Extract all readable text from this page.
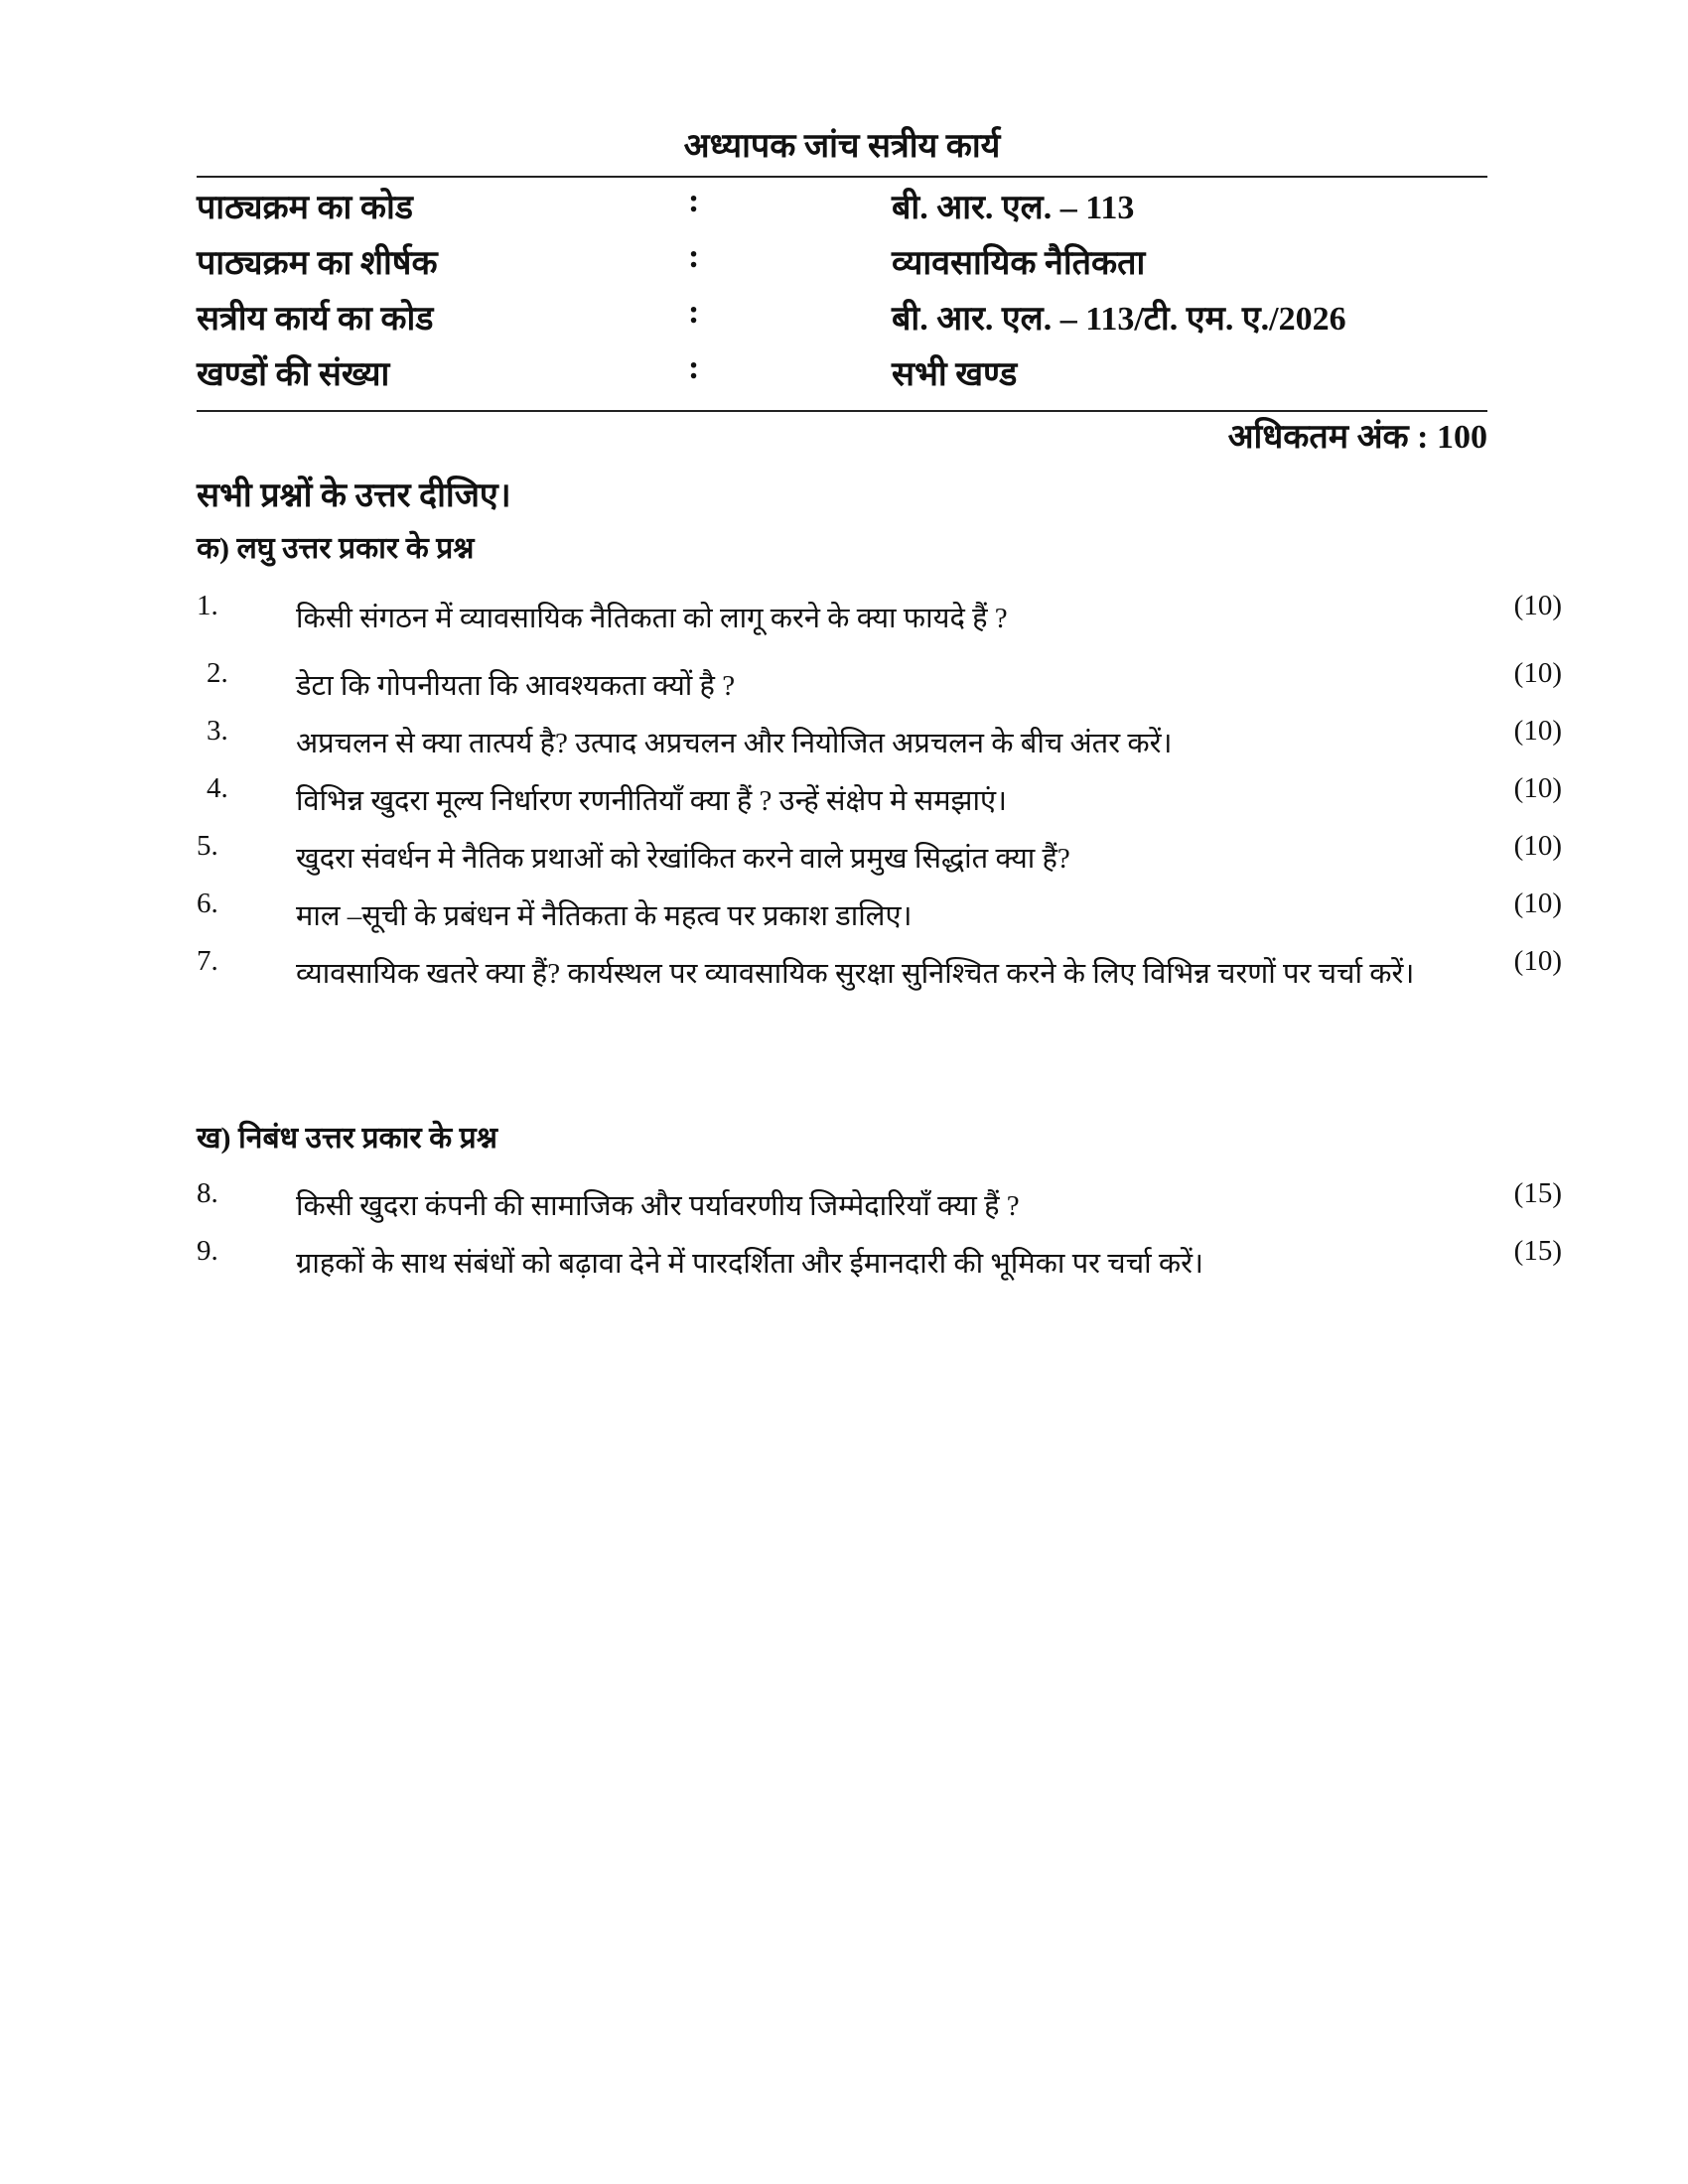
अध्यापक जांच सत्रीय कार्य
पाठ्यक्रम का कोड	:	बी. आर. एल. – 113
पाठ्यक्रम का शीर्षक	:	व्यावसायिक नैतिकता
सत्रीय कार्य का कोड	:	बी. आर. एल. – 113/टी. एम. ए./2026
खण्डों की संख्या	:	सभी खण्ड
अधिकतम अंक : 100
सभी प्रश्नों के उत्तर दीजिए।
क) लघु उत्तर प्रकार के प्रश्न
1.	किसी संगठन में व्यावसायिक नैतिकता को लागू करने के क्या फायदे हैं ?	(10)
2. डेटा कि गोपनीयता कि आवश्यकता क्यों है ?	(10)
3. अप्रचलन से क्या तात्पर्य है? उत्पाद अप्रचलन और नियोजित अप्रचलन के बीच अंतर करें।	(10)
4. विभिन्न खुदरा मूल्य निर्धारण रणनीतियाँ क्या हैं ? उन्हें संक्षेप मे समझाएं।	(10)
5.	खुदरा संवर्धन मे नैतिक प्रथाओं को रेखांकित करने वाले प्रमुख सिद्धांत क्या हैं?	(10)
6.	माल –सूची के प्रबंधन में नैतिकता के महत्व पर प्रकाश डालिए।	(10)
7.	व्यावसायिक खतरे क्या हैं? कार्यस्थल पर व्यावसायिक सुरक्षा सुनिश्चित करने के लिए विभिन्न चरणों पर चर्चा करें।	(10)
ख) निबंध उत्तर प्रकार के प्रश्न
8.	किसी खुदरा कंपनी की सामाजिक और पर्यावरणीय जिम्मेदारियाँ क्या हैं ?	(15)
9.	ग्राहकों के साथ संबंधों को बढ़ावा देने में पारदर्शिता और ईमानदारी की भूमिका पर चर्चा करें।	(15)
